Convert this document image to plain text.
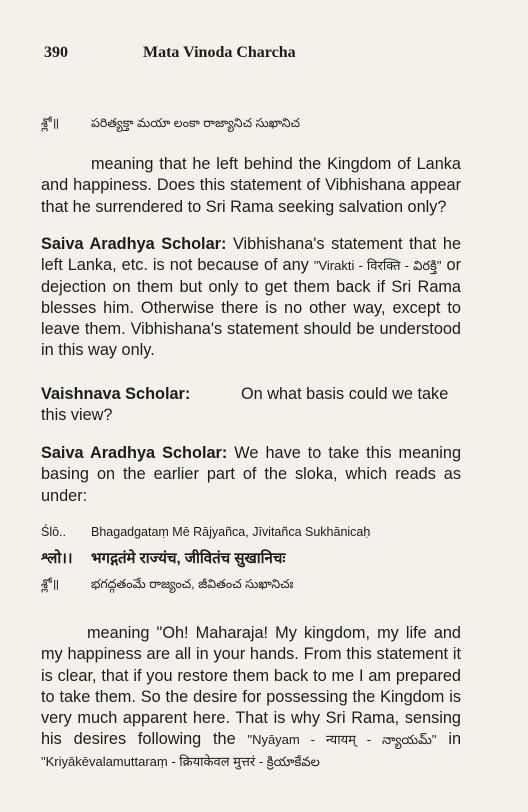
390	Mata Vinoda Charcha
శ్లో॥	పరిత్యక్తా మయా లంకా రాజ్యానిచ సుఖానిచ

meaning that he left behind the Kingdom of Lanka and happiness. Does this statement of Vibhishana appear that he surrendered to Sri Rama seeking salvation only?

Saiva Aradhya Scholar: Vibhishana's statement that he left Lanka, etc. is not because of any "Virakti - विरक्ति - విరక్తి" or dejection on them but only to get them back if Sri Rama blesses him. Otherwise there is no other way, except to leave them. Vibhishana's statement should be understood in this way only.

Vaishnava Scholar:	On what basis could we take
this view?

Saiva Aradhya Scholar: We have to take this meaning basing on the earlier part of the sloka, which reads as under:

Ślō.. Bhagadgataṃ Mē Rājyañca, Jīvitañca Sukhānicaḥ
श्लो।। भगद्गतंमे राज्यंच, जीवितंच सुखानिचः
శ్లో॥	భగద్గతంమే రాజ్యంచ, జీవితంచ సుఖానిచః

meaning "Oh! Maharaja! My kingdom, my life and my happiness are all in your hands. From this statement it is clear, that if you restore them back to me I am prepared to take them. So the desire for possessing the Kingdom is very much apparent here. That is why Sri Rama, sensing his desires following the "Nyāyam - न्यायम् - న్యాయమ్" in "Kriyākēvalamuttaraṃ - क्रियाकेवल मुत्तरं - క్రియాకేవల
